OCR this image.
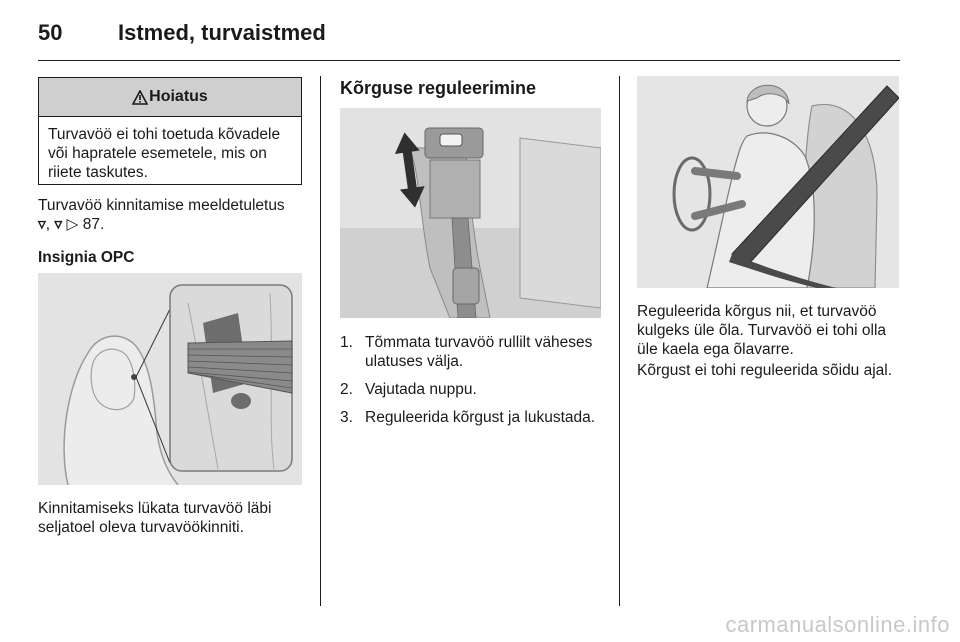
50	Istmed, turvaistmed
Hoiatus
Turvavöö ei tohi toetuda kõvadele või hapratele esemetele, mis on riiete taskutes.

Turvavöö kinnitamise meeldetuletus

▿, ▿ ▷ 87.

Insignia OPC
Kinnitamiseks lükata turvavöö läbi seljatoel oleva turvavöökinniti.
Kõrguse reguleerimine
1. Tõmmata turvavöö rullilt väheses ulatuses välja.
2. Vajutada nuppu.
3. Reguleerida kõrgust ja lukustada.
Reguleerida kõrgus nii, et turvavöö kulgeks üle õla. Turvavöö ei tohi olla üle kaela ega õlavarre.
Kõrgust ei tohi reguleerida sõidu ajal.
carmanualsonline.info
